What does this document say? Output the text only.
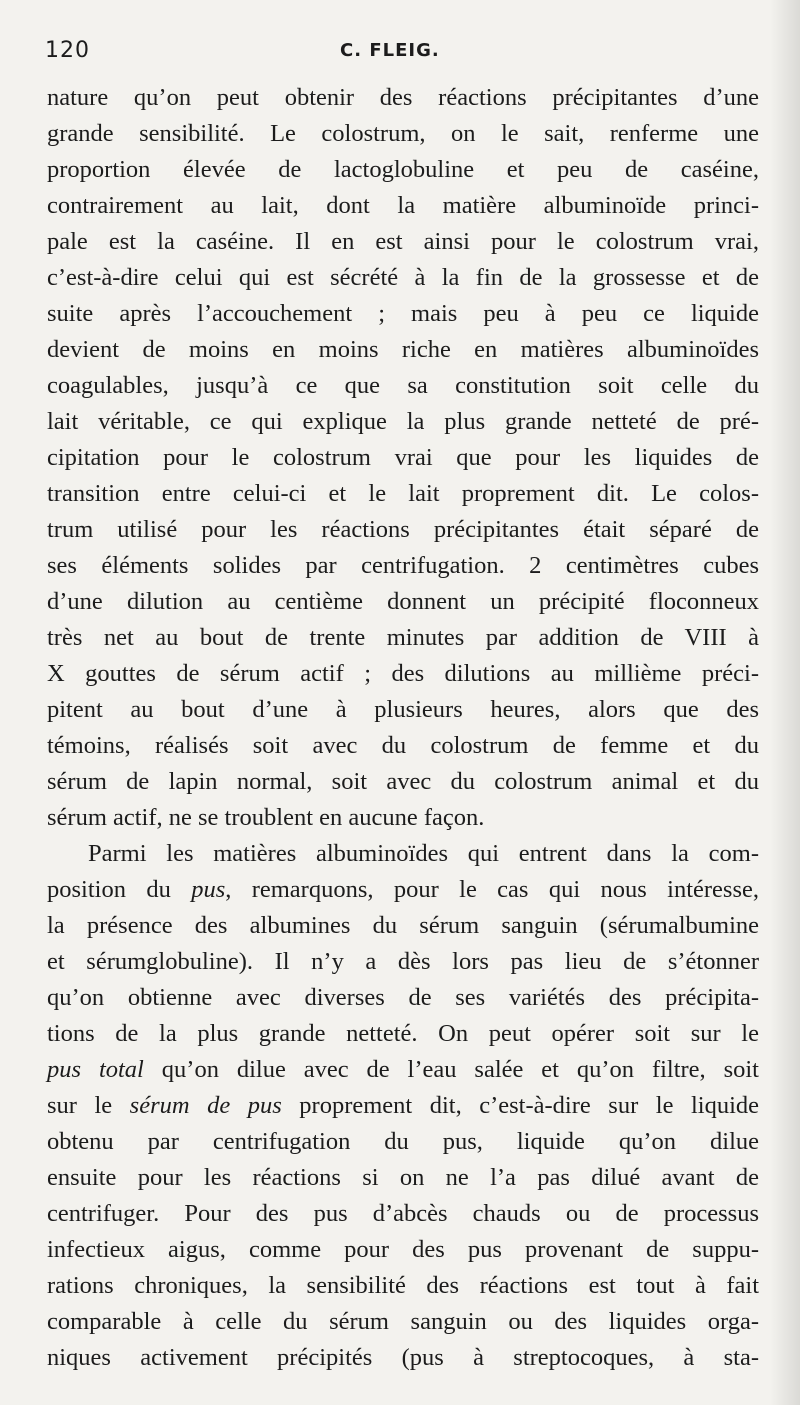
120	C. FLEIG.
nature qu’on peut obtenir des réactions précipitantes d’une
grande sensibilité. Le colostrum, on le sait, renferme une
proportion élevée de lactoglobuline et peu de caséine,
contrairement au lait, dont la matière albuminoïde princi-
pale est la caséine. Il en est ainsi pour le colostrum vrai,
c’est-à-dire celui qui est sécrété à la fin de la grossesse et de
suite après l’accouchement ; mais peu à peu ce liquide
devient de moins en moins riche en matières albuminoïdes
coagulables, jusqu’à ce que sa constitution soit celle du
lait véritable, ce qui explique la plus grande netteté de pré-
cipitation pour le colostrum vrai que pour les liquides de
transition entre celui-ci et le lait proprement dit. Le colos-
trum utilisé pour les réactions précipitantes était séparé de
ses éléments solides par centrifugation. 2 centimètres cubes
d’une dilution au centième donnent un précipité floconneux
très net au bout de trente minutes par addition de VIII à
X gouttes de sérum actif ; des dilutions au millième préci-
pitent au bout d’une à plusieurs heures, alors que des
témoins, réalisés soit avec du colostrum de femme et du
sérum de lapin normal, soit avec du colostrum animal et du
sérum actif, ne se troublent en aucune façon.
Parmi les matières albuminoïdes qui entrent dans la com-
position du pus, remarquons, pour le cas qui nous intéresse,
la présence des albumines du sérum sanguin (sérumalbumine
et sérumglobuline). Il n’y a dès lors pas lieu de s’étonner
qu’on obtienne avec diverses de ses variétés des précipita-
tions de la plus grande netteté. On peut opérer soit sur le
pus total qu’on dilue avec de l’eau salée et qu’on filtre, soit
sur le sérum de pus proprement dit, c’est-à-dire sur le liquide
obtenu par centrifugation du pus, liquide qu’on dilue
ensuite pour les réactions si on ne l’a pas dilué avant de
centrifuger. Pour des pus d’abcès chauds ou de processus
infectieux aigus, comme pour des pus provenant de suppu-
rations chroniques, la sensibilité des réactions est tout à fait
comparable à celle du sérum sanguin ou des liquides orga-
niques activement précipités (pus à streptocoques, à sta-
